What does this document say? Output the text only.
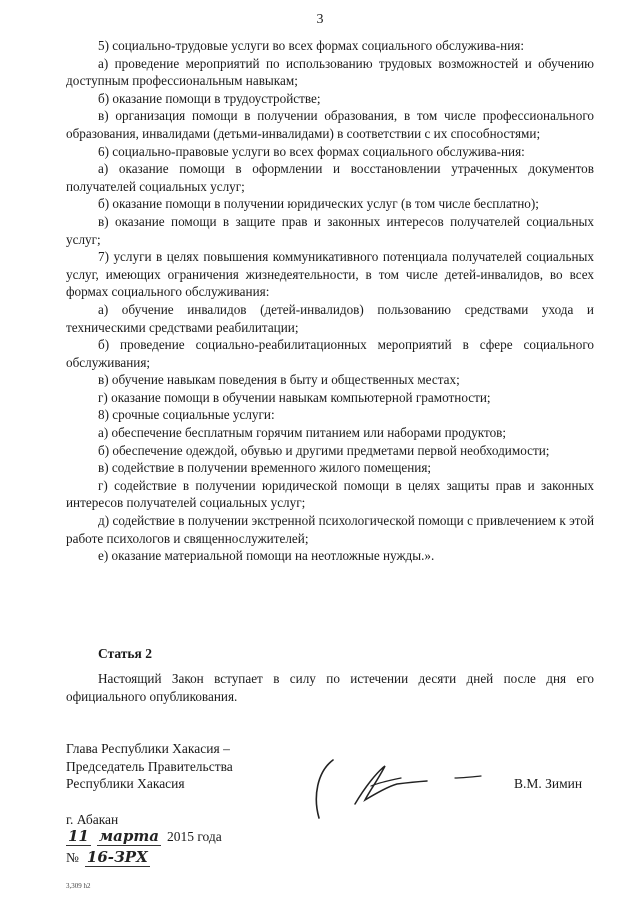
3

5) социально-трудовые услуги во всех формах социального обслужива-ния:

а) проведение мероприятий по использованию трудовых возможностей и обучению доступным профессиональным навыкам;

б) оказание помощи в трудоустройстве;

в) организация помощи в получении образования, в том числе профессионального образования, инвалидами (детьми-инвалидами) в соответствии с их способностями;

6) социально-правовые услуги во всех формах социального обслужива-ния:

а) оказание помощи в оформлении и восстановлении утраченных документов получателей социальных услуг;

б) оказание помощи в получении юридических услуг (в том числе бесплатно);

в) оказание помощи в защите прав и законных интересов получателей социальных услуг;

7) услуги в целях повышения коммуникативного потенциала получателей социальных услуг, имеющих ограничения жизнедеятельности, в том числе детей-инвалидов, во всех формах социального обслуживания:

а) обучение инвалидов (детей-инвалидов) пользованию средствами ухода и техническими средствами реабилитации;

б) проведение социально-реабилитационных мероприятий в сфере социального обслуживания;

в) обучение навыкам поведения в быту и общественных местах;

г) оказание помощи в обучении навыкам компьютерной грамотности;

8) срочные социальные услуги:

а) обеспечение бесплатным горячим питанием или наборами продуктов;

б) обеспечение одеждой, обувью и другими предметами первой необходимости;

в) содействие в получении временного жилого помещения;

г) содействие в получении юридической помощи в целях защиты прав и законных интересов получателей социальных услуг;

д) содействие в получении экстренной психологической помощи с привлечением к этой работе психологов и священнослужителей;

е) оказание материальной помощи на неотложные нужды.».

Статья 2

Настоящий Закон вступает в силу по истечении десяти дней после дня его официального опубликования.

Глава Республики Хакасия –
Председатель Правительства
Республики Хакасия	В.М. Зимин
г. Абакан
11 марта 2015 года
№ 16-ЗРХ
3,309 h2
